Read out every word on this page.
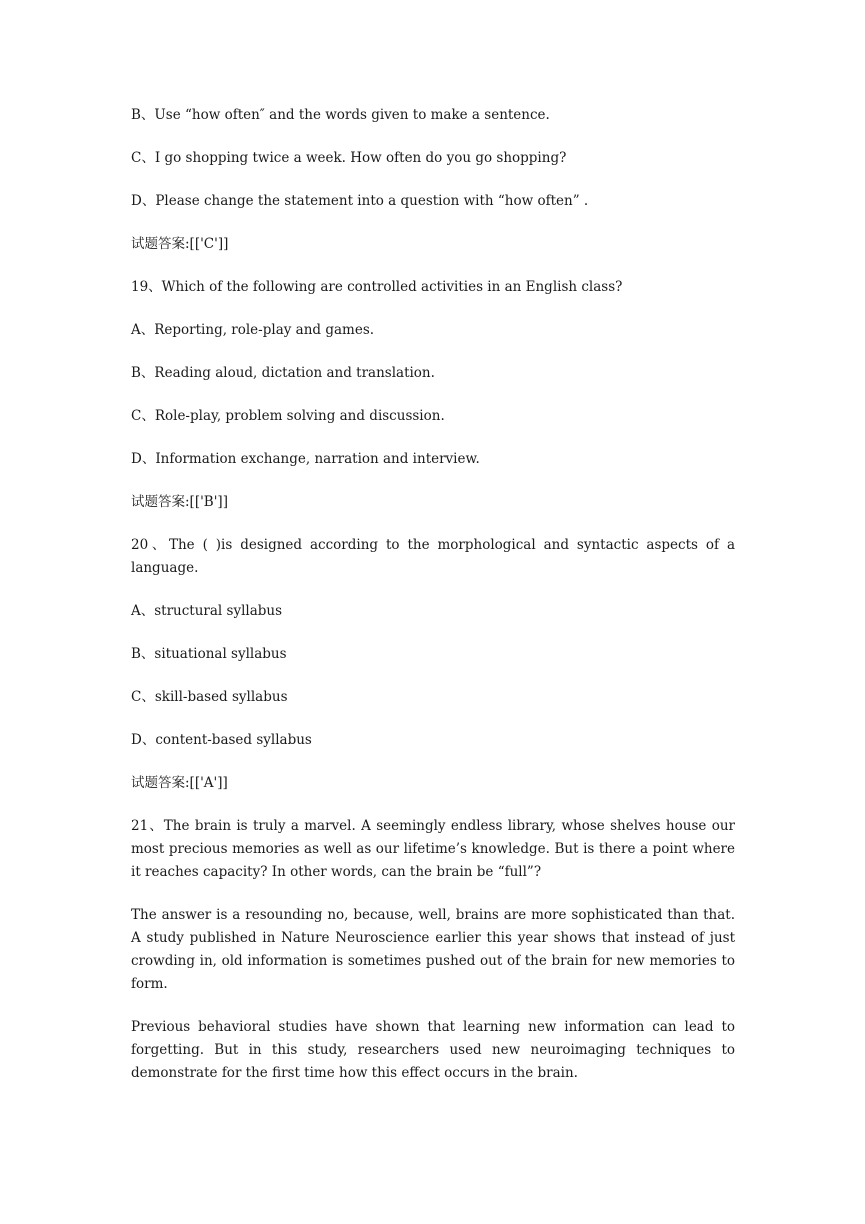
B、Use “how often″ and the words given to make a sentence.

C、I go shopping twice a week. How often do you go shopping?

D、Please change the statement into a question with “how often” .

试题答案:[['C']]

19、Which of the following are controlled activities in an English class?

A、Reporting, role-play and games.

B、Reading aloud, dictation and translation.

C、Role-play, problem solving and discussion.

D、Information exchange, narration and interview.

试题答案:[['B']]

20、The ( )is designed according to the morphological and syntactic aspects of a language.

A、structural syllabus

B、situational syllabus

C、skill-based syllabus

D、content-based syllabus

试题答案:[['A']]

21、The brain is truly a marvel. A seemingly endless library, whose shelves house our most precious memories as well as our lifetime’s knowledge. But is there a point where it reaches capacity? In other words, can the brain be “full”?

The answer is a resounding no, because, well, brains are more sophisticated than that. A study published in Nature Neuroscience earlier this year shows that instead of just crowding in, old information is sometimes pushed out of the brain for new memories to form.

Previous behavioral studies have shown that learning new information can lead to forgetting. But in this study, researchers used new neuroimaging techniques to demonstrate for the first time how this effect occurs in the brain.
